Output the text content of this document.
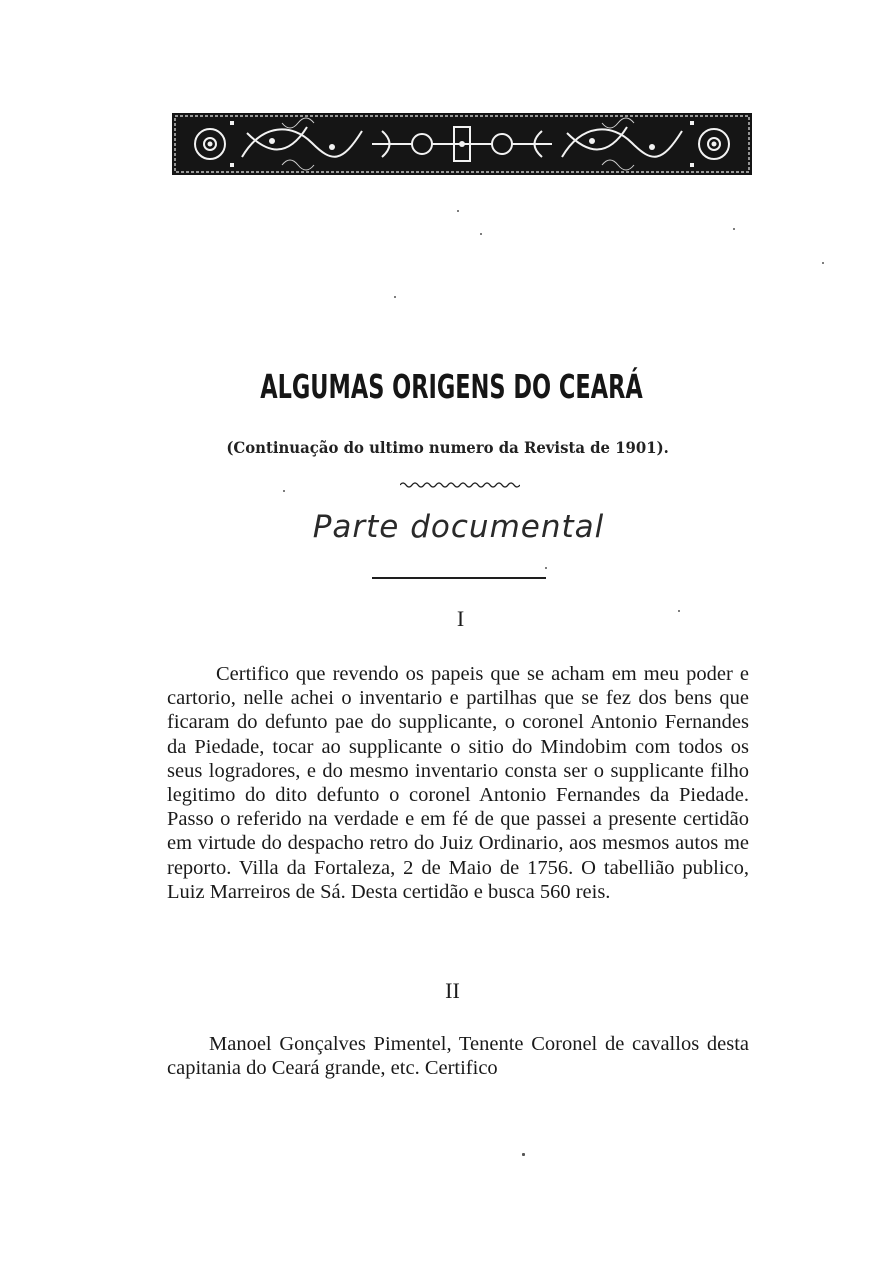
ALGUMAS ORIGENS DO CEARÁ
(Continuação do ultimo numero da Revista de 1901).
Parte documental
I

Certifico que revendo os papeis que se acham em meu poder e cartorio, nelle achei o inventario e partilhas que se fez dos bens que ficaram do defunto pae do supplicante, o coronel Antonio Fernandes da Piedade, tocar ao supplicante o sitio do Mindobim com todos os seus logradores, e do mesmo inventario consta ser o supplicante filho legitimo do dito defunto o coronel Antonio Fernandes da Piedade. Passo o referido na verdade e em fé de que passei a presente certidão em virtude do despacho retro do Juiz Ordinario, aos mesmos autos me reporto. Villa da Fortaleza, 2 de Maio de 1756. O tabellião publico, Luiz Marreiros de Sá. Desta certidão e busca 560 reis.

II

Manoel Gonçalves Pimentel, Tenente Coronel de cavallos desta capitania do Ceará grande, etc. Certifico
